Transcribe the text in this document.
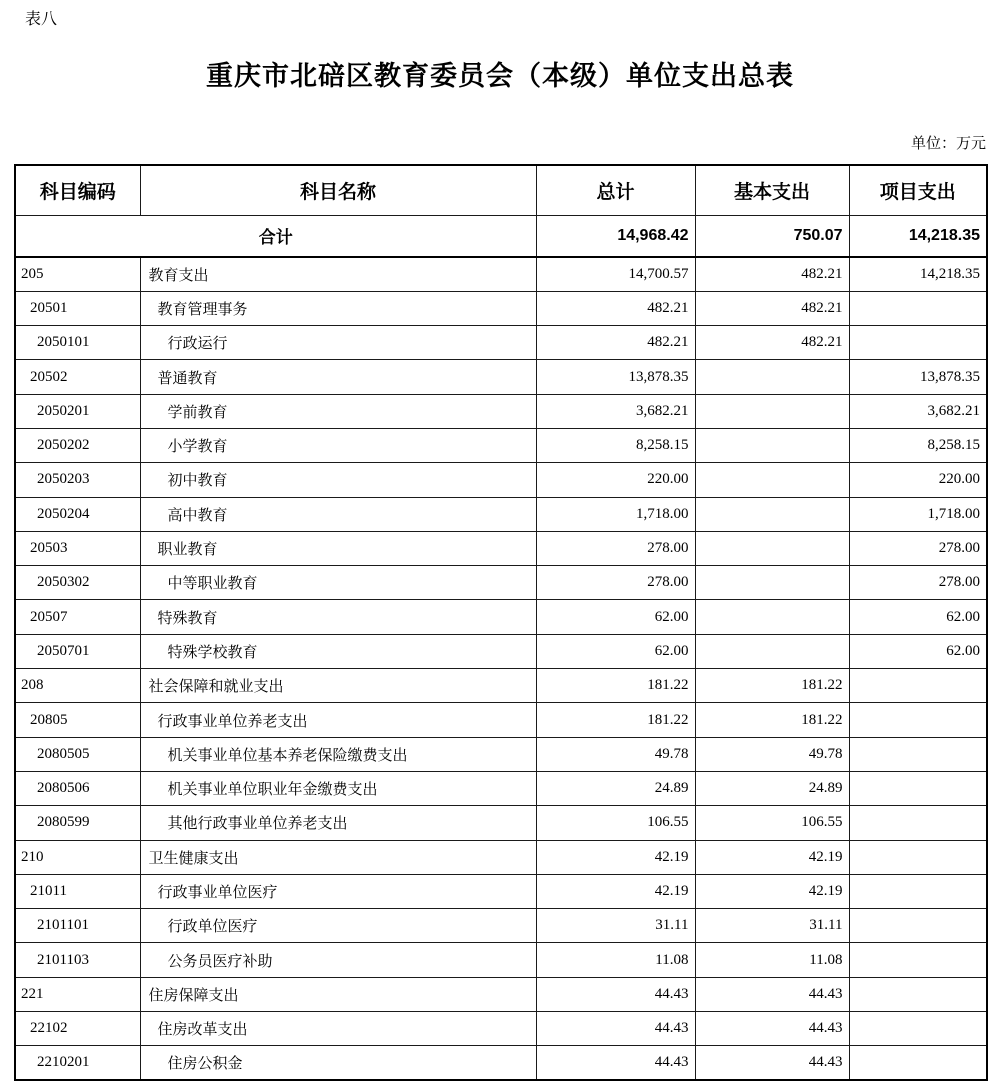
表八
重庆市北碚区教育委员会（本级）单位支出总表
单位：万元
科目编码	科目名称	总计	基本支出	项目支出
合计		14,968.42	750.07	14,218.35
205	教育支出	14,700.57	482.21	14,218.35
20501	教育管理事务	482.21	482.21	
2050101	行政运行	482.21	482.21	
20502	普通教育	13,878.35		13,878.35
2050201	学前教育	3,682.21		3,682.21
2050202	小学教育	8,258.15		8,258.15
2050203	初中教育	220.00		220.00
2050204	高中教育	1,718.00		1,718.00
20503	职业教育	278.00		278.00
2050302	中等职业教育	278.00		278.00
20507	特殊教育	62.00		62.00
2050701	特殊学校教育	62.00		62.00
208	社会保障和就业支出	181.22	181.22	
20805	行政事业单位养老支出	181.22	181.22	
2080505	机关事业单位基本养老保险缴费支出	49.78	49.78	
2080506	机关事业单位职业年金缴费支出	24.89	24.89	
2080599	其他行政事业单位养老支出	106.55	106.55	
210	卫生健康支出	42.19	42.19	
21011	行政事业单位医疗	42.19	42.19	
2101101	行政单位医疗	31.11	31.11	
2101103	公务员医疗补助	11.08	11.08	
221	住房保障支出	44.43	44.43	
22102	住房改革支出	44.43	44.43	
2210201	住房公积金	44.43	44.43	
